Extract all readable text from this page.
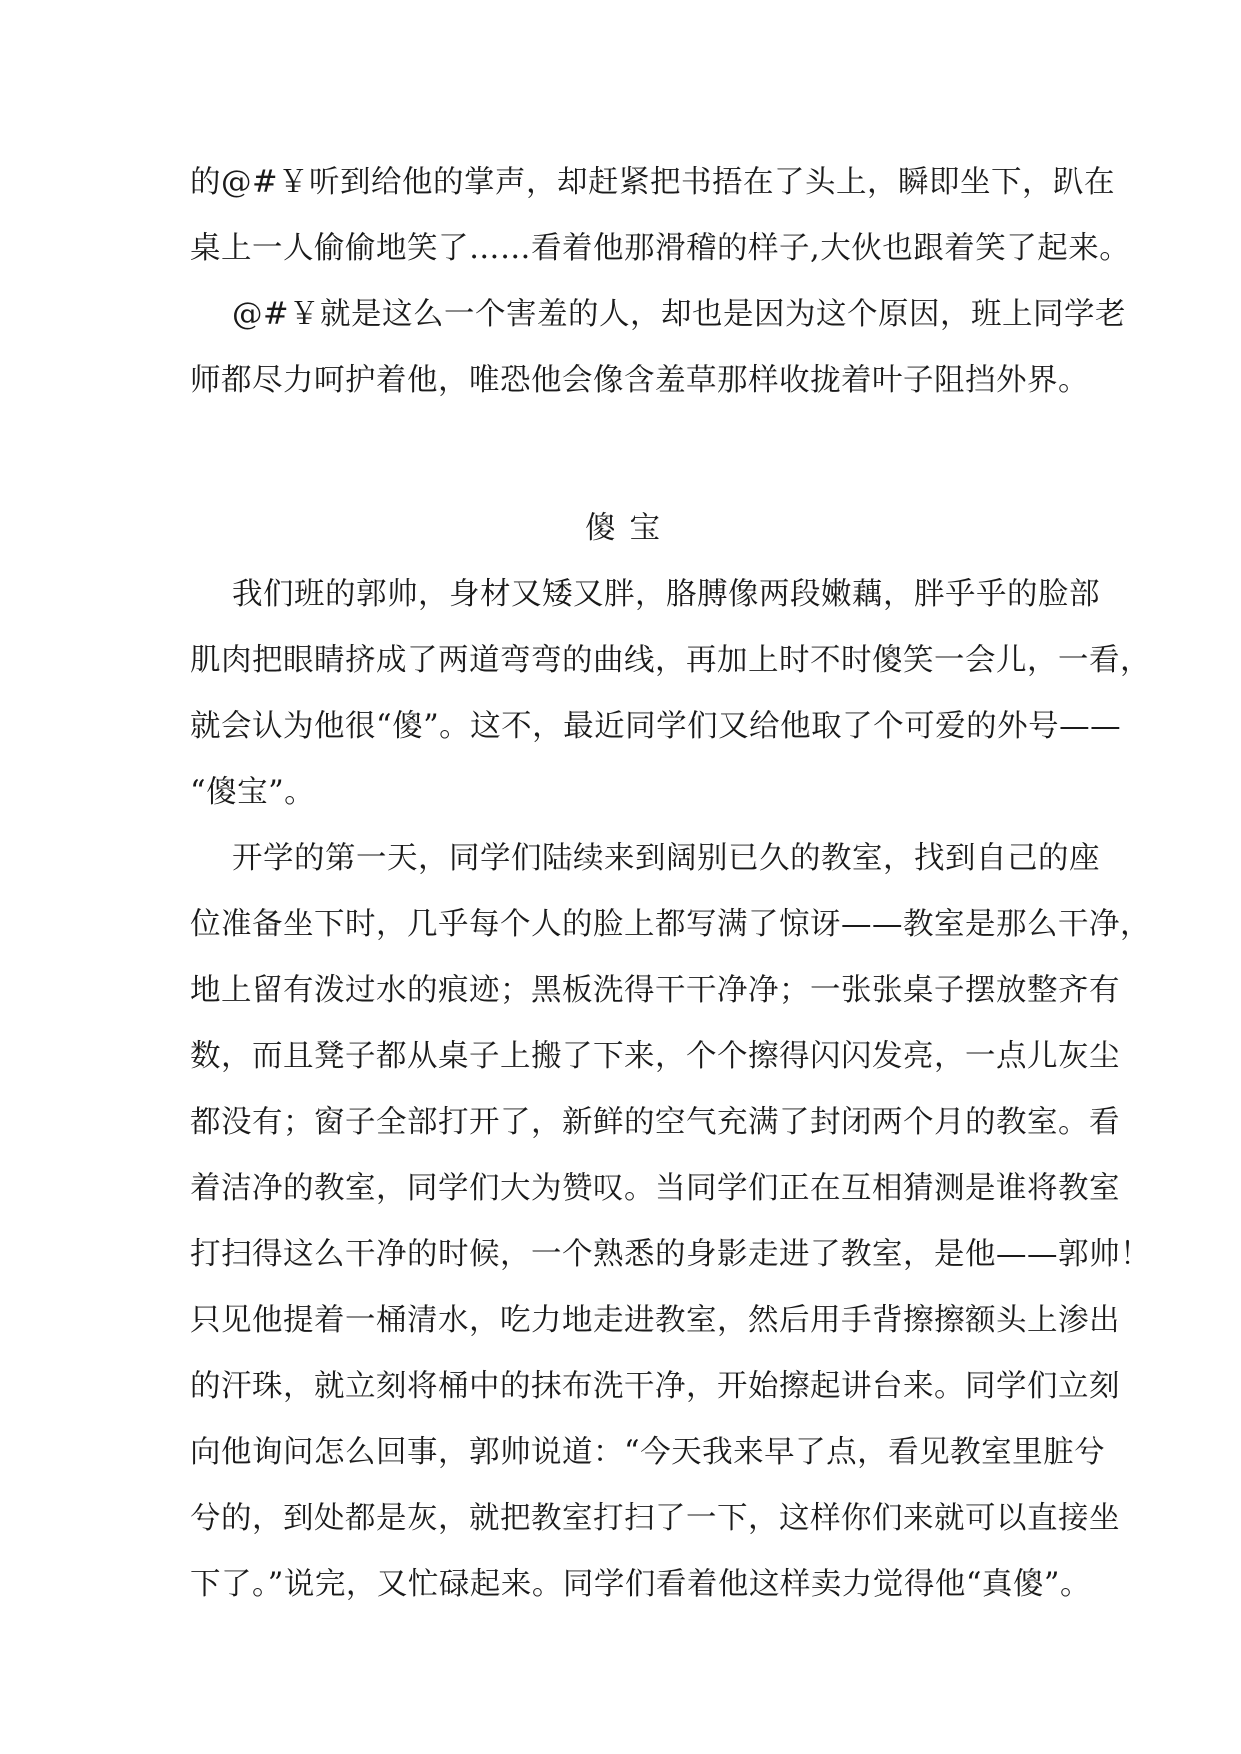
的@#￥听到给他的掌声，却赶紧把书捂在了头上，瞬即坐下，趴在
桌上一人偷偷地笑了……看着他那滑稽的样子,大伙也跟着笑了起来。
@#￥就是这么一个害羞的人，却也是因为这个原因，班上同学老
师都尽力呵护着他，唯恐他会像含羞草那样收拢着叶子阻挡外界。
傻宝
我们班的郭帅，身材又矮又胖，胳膊像两段嫩藕，胖乎乎的脸部
肌肉把眼睛挤成了两道弯弯的曲线，再加上时不时傻笑一会儿，一看，
就会认为他很“傻”。这不，最近同学们又给他取了个可爱的外号——
“傻宝”。
开学的第一天，同学们陆续来到阔别已久的教室，找到自己的座
位准备坐下时，几乎每个人的脸上都写满了惊讶——教室是那么干净，
地上留有泼过水的痕迹；黑板洗得干干净净；一张张桌子摆放整齐有
数，而且凳子都从桌子上搬了下来，个个擦得闪闪发亮，一点儿灰尘
都没有；窗子全部打开了，新鲜的空气充满了封闭两个月的教室。看
着洁净的教室，同学们大为赞叹。当同学们正在互相猜测是谁将教室
打扫得这么干净的时候，一个熟悉的身影走进了教室，是他——郭帅！
只见他提着一桶清水，吃力地走进教室，然后用手背擦擦额头上渗出
的汗珠，就立刻将桶中的抹布洗干净，开始擦起讲台来。同学们立刻
向他询问怎么回事，郭帅说道：“今天我来早了点，看见教室里脏兮
兮的，到处都是灰，就把教室打扫了一下，这样你们来就可以直接坐
下了。”说完，又忙碌起来。同学们看着他这样卖力觉得他“真傻”。
